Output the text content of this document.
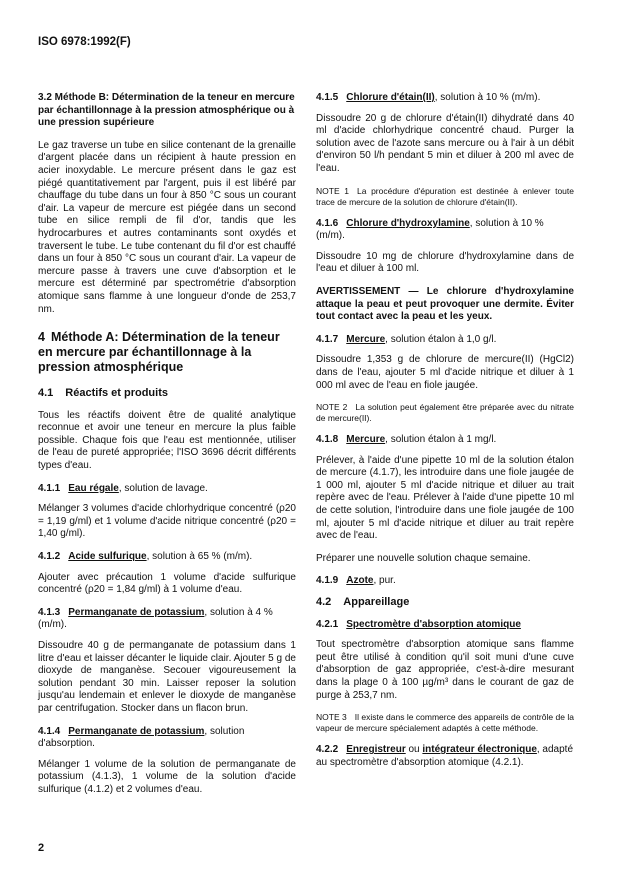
ISO 6978:1992(F)
3.2 Méthode B: Détermination de la teneur en mercure par échantillonnage à la pression atmosphérique ou à une pression supérieure

Le gaz traverse un tube en silice contenant de la grenaille d'argent placée dans un récipient à haute pression en acier inoxydable. Le mercure présent dans le gaz est piégé quantitativement par l'argent, puis il est libéré par chauffage du tube dans un four à 850 °C sous un courant d'air. La vapeur de mercure est piégée dans un second tube en silice rempli de fil d'or, tandis que les hydrocarbures et autres contaminants sont oxydés et traversent le tube. Le tube contenant du fil d'or est chauffé dans un four à 850 °C sous un courant d'air. La vapeur de mercure passe à travers une cuve d'absorption et le mercure est déterminé par spectrométrie d'absorption atomique sans flamme à une longueur d'onde de 253,7 nm.

4 Méthode A: Détermination de la teneur en mercure par échantillonnage à la pression atmosphérique
4.1 Réactifs et produits

Tous les réactifs doivent être de qualité analytique reconnue et avoir une teneur en mercure la plus faible possible. Chaque fois que l'eau est mentionnée, utiliser de l'eau de pureté appropriée; l'ISO 3696 décrit différents types d'eau.

4.1.1 Eau régale, solution de lavage.

Mélanger 3 volumes d'acide chlorhydrique concentré (ρ20 = 1,19 g/ml) et 1 volume d'acide nitrique concentré (ρ20 = 1,40 g/ml).

4.1.2 Acide sulfurique, solution à 65 % (m/m).

Ajouter avec précaution 1 volume d'acide sulfurique concentré (ρ20 = 1,84 g/ml) à 1 volume d'eau.

4.1.3 Permanganate de potassium, solution à 4 % (m/m).

Dissoudre 40 g de permanganate de potassium dans 1 litre d'eau et laisser décanter le liquide clair. Ajouter 5 g de dioxyde de manganèse. Secouer vigoureusement la solution pendant 30 min. Laisser reposer la solution jusqu'au lendemain et enlever le dioxyde de manganèse par centrifugation. Stocker dans un flacon brun.

4.1.4 Permanganate de potassium, solution d'absorption.

Mélanger 1 volume de la solution de permanganate de potassium (4.1.3), 1 volume de la solution d'acide sulfurique (4.1.2) et 2 volumes d'eau.

4.1.5 Chlorure d'étain(II), solution à 10 % (m/m).

Dissoudre 20 g de chlorure d'étain(II) dihydraté dans 40 ml d'acide chlorhydrique concentré chaud. Purger la solution avec de l'azote sans mercure ou à l'air à un débit d'environ 50 l/h pendant 5 min et diluer à 200 ml avec de l'eau.

NOTE 1 La procédure d'épuration est destinée à enlever toute trace de mercure de la solution de chlorure d'étain(II).
4.1.6 Chlorure d'hydroxylamine, solution à 10 % (m/m).

Dissoudre 10 mg de chlorure d'hydroxylamine dans de l'eau et diluer à 100 ml.

AVERTISSEMENT — Le chlorure d'hydroxylamine attaque la peau et peut provoquer une dermite. Éviter tout contact avec la peau et les yeux.
4.1.7 Mercure, solution étalon à 1,0 g/l.

Dissoudre 1,353 g de chlorure de mercure(II) (HgCl2) dans de l'eau, ajouter 5 ml d'acide nitrique et diluer à 1 000 ml avec de l'eau en fiole jaugée.

NOTE 2 La solution peut également être préparée avec du nitrate de mercure(II).
4.1.8 Mercure, solution étalon à 1 mg/l.

Prélever, à l'aide d'une pipette 10 ml de la solution étalon de mercure (4.1.7), les introduire dans une fiole jaugée de 1 000 ml, ajouter 5 ml d'acide nitrique et diluer au trait repère avec de l'eau. Prélever à l'aide d'une pipette 10 ml de cette solution, l'introduire dans une fiole jaugée de 100 ml, ajouter 5 ml d'acide nitrique et diluer au trait repère avec de l'eau.

Préparer une nouvelle solution chaque semaine.

4.1.9 Azote, pur.
4.2 Appareillage
4.2.1 Spectromètre d'absorption atomique

Tout spectromètre d'absorption atomique sans flamme peut être utilisé à condition qu'il soit muni d'une cuve d'absorption de gaz appropriée, c'est-à-dire mesurant dans la plage 0 à 100 µg/m³ dans le courant de gaz de purge à 253,7 nm.

NOTE 3 Il existe dans le commerce des appareils de contrôle de la vapeur de mercure spécialement adaptés à cette méthode.
4.2.2 Enregistreur ou intégrateur électronique, adapté au spectromètre d'absorption atomique (4.2.1).
2
